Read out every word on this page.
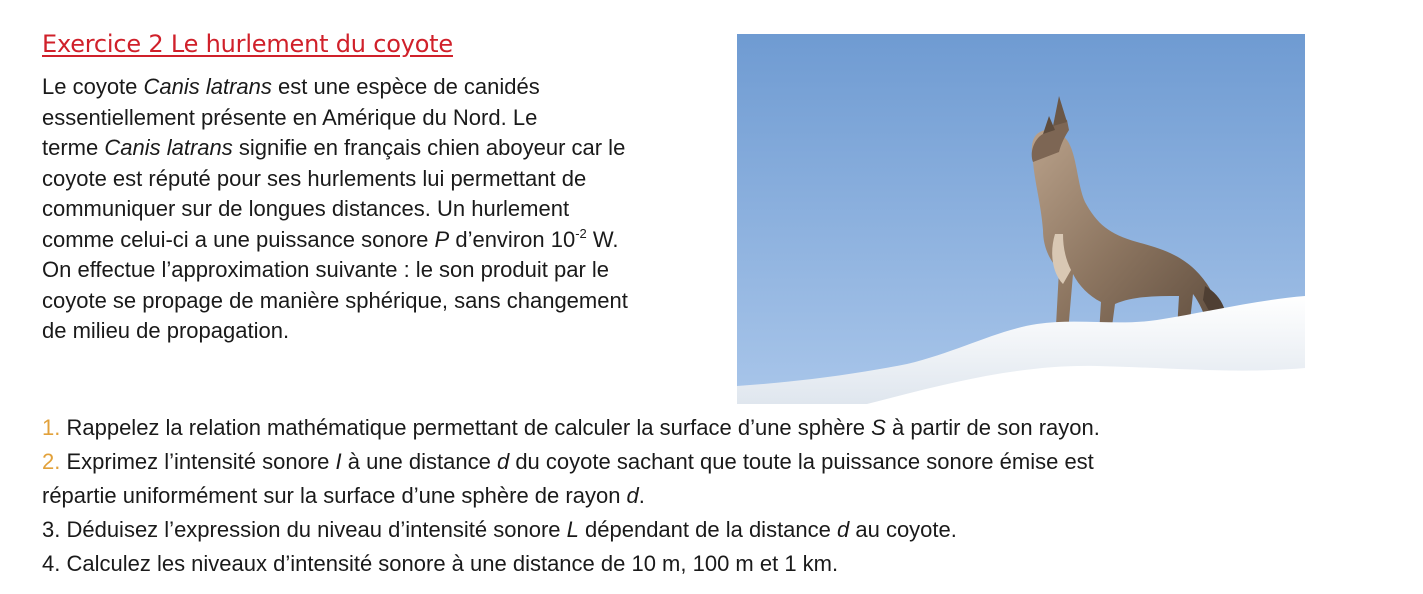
Exercice 2 Le hurlement du coyote
Le coyote Canis latrans est une espèce de canidés
essentiellement présente en Amérique du Nord. Le
terme Canis latrans signifie en français chien aboyeur car le
coyote est réputé pour ses hurlements lui permettant de
communiquer sur de longues distances. Un hurlement
comme celui-ci a une puissance sonore P d’environ $10^{-2}$ W.
On effectue l’approximation suivante : le son produit par le
coyote se propage de manière sphérique, sans changement
de milieu de propagation.
1. Rappelez la relation mathématique permettant de calculer la surface d’une sphère S à partir de son rayon.
2. Exprimez l’intensité sonore I à une distance d du coyote sachant que toute la puissance sonore émise est
répartie uniformément sur la surface d’une sphère de rayon d.
3. Déduisez l’expression du niveau d’intensité sonore L dépendant de la distance d au coyote.
4. Calculez les niveaux d’intensité sonore à une distance de 10 m, 100 m et 1 km.
